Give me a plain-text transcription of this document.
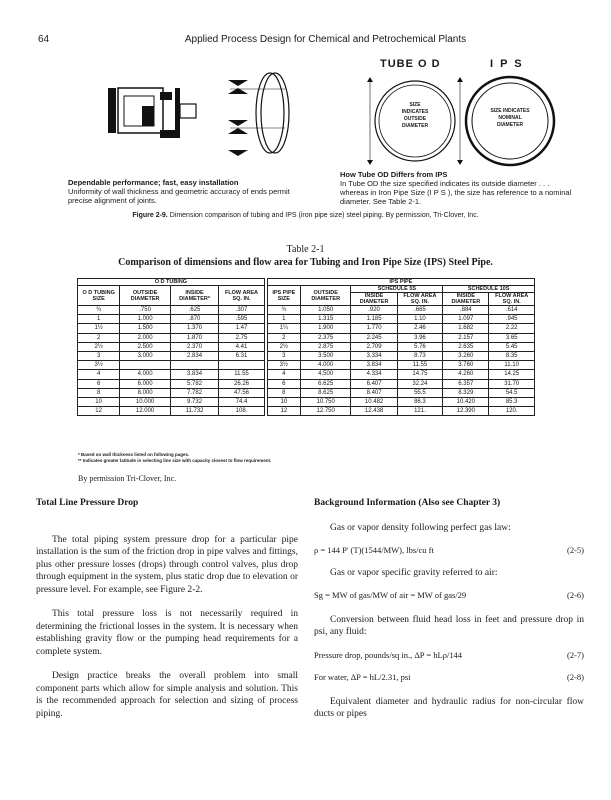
64	Applied Process Design for Chemical and Petrochemical Plants
TUBE O D	I P S
SIZE
INDICATES
OUTSIDE
DIAMETER
SIZE INDICATES
NOMINAL
DIAMETER
Dependable performance; fast, easy installation
Uniformity of wall thickness and geometric accuracy of ends permit precise alignment of joints.
How Tube OD Differs from IPS
In Tube OD the size specified indicates its outside diameter . . . whereas in Iron Pipe Size (I P S ), the size has reference to a nominal diameter. See Table 2-1.
Figure 2-9. Dimension comparison of tubing and IPS (iron pipe size) steel piping. By permission, Tri-Clover, Inc.
Table 2-1
Comparison of dimensions and flow area for Tubing and Iron Pipe Size (IPS) Steel Pipe.
O D TUBING					IPS PIPE					
O D TUBING SIZE	OUTSIDE DIAMETER	INSIDE DIAMETER*	FLOW AREA SQ. IN.		IPS PIPE SIZE	OUTSIDE DIAMETER	SCHEDULE 5S		SCHEDULE 10S	
							INSIDE DIAMETER	FLOW AREA SQ. IN.	INSIDE DIAMETER	FLOW AREA SQ. IN.
¾	.750	.625	.307		¾	1.050	.920	.665	.884	.614
1	1.000	.870	.595		1	1.315	1.185	1.10	1.097	.945
1½	1.500	1.370	1.47		1¼	1.900	1.770	2.46	1.682	2.22
2	2.000	1.870	2.75		2	2.375	2.245	3.96	2.157	3.65
2½	2.500	2.370	4.41		2½	2.875	2.709	5.76	2.635	5.45
3	3.000	2.834	6.31		3	3.500	3.334	8.73	3.260	8.35
3½					3½	4.000	3.834	11.55	3.760	11.10
4	4.000	3.834	11.55		4	4.500	4.334	14.75	4.260	14.25
6	6.000	5.782	26.26		6	6.625	6.407	32.24	6.357	31.70
8	8.000	7.782	47.56		8	8.625	8.407	55.5	8.329	54.5
10	10.000	9.732	74.4		10	10.750	10.482	86.3	10.420	85.3
12	12.000	11.732	108.		12	12.750	12.438	121.	12.390	120.
* Based on wall thickness listed on following pages.
** Indicates greater latitude in selecting line size with capacity closest to flow requirement.
By permission Tri-Clover, Inc.
Total Line Pressure Drop

The total piping system pressure drop for a particular pipe installation is the sum of the friction drop in pipe valves and fittings, plus other pressure losses (drops) through control valves, plus drop through equipment in the system, plus static drop due to elevation or pressure level. For example, see Figure 2-2.

This total pressure loss is not necessarily required in determining the frictional losses in the system. It is necessary when establishing gravity flow or the pumping head requirements for a complete system.

Design practice breaks the overall problem into small component parts which allow for simple analysis and solution. This is the recommended approach for selection and sizing of process piping.

Background Information (Also see Chapter 3)

Gas or vapor density following perfect gas law:

ρ = 144 P' (T)(1544/MW), lbs/cu ft	(2-5)

Gas or vapor specific gravity referred to air:

Sg = MW of gas/MW of air = MW of gas/29	(2-6)

Conversion between fluid head loss in feet and pressure drop in psi, any fluid:

Pressure drop, pounds/sq in., ΔP = hLρ/144	(2-7)
For water, ΔP = hL/2.31, psi	(2-8)

Equivalent diameter and hydraulic radius for non-circular flow ducts or pipes
